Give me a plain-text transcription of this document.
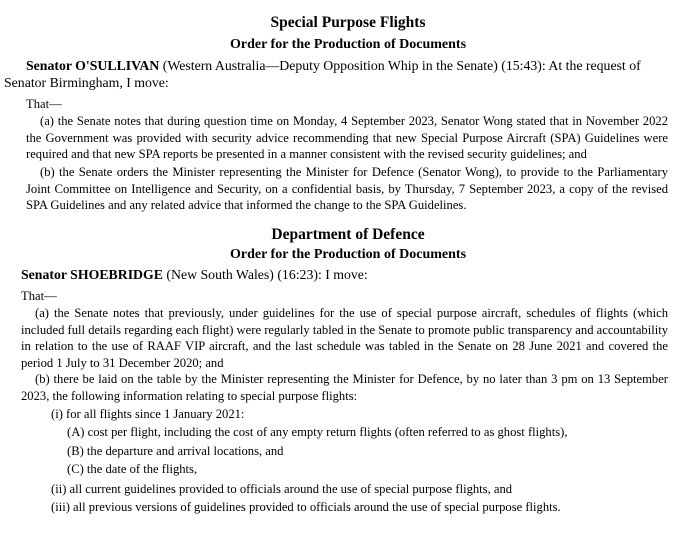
Special Purpose Flights
Order for the Production of Documents
Senator O'SULLIVAN (Western Australia—Deputy Opposition Whip in the Senate) (15:43): At the request of
Senator Birmingham, I move:
That—
(a) the Senate notes that during question time on Monday, 4 September 2023, Senator Wong stated that in November 2022 the Government was provided with security advice recommending that new Special Purpose Aircraft (SPA) Guidelines were required and that new SPA reports be presented in a manner consistent with the revised security guidelines; and
(b) the Senate orders the Minister representing the Minister for Defence (Senator Wong), to provide to the Parliamentary Joint Committee on Intelligence and Security, on a confidential basis, by Thursday, 7 September 2023, a copy of the revised SPA Guidelines and any related advice that informed the change to the SPA Guidelines.
Department of Defence
Order for the Production of Documents
Senator SHOEBRIDGE (New South Wales) (16:23): I move:
That—
(a) the Senate notes that previously, under guidelines for the use of special purpose aircraft, schedules of flights (which included full details regarding each flight) were regularly tabled in the Senate to promote public transparency and accountability in relation to the use of RAAF VIP aircraft, and the last schedule was tabled in the Senate on 28 June 2021 and covered the period 1 July to 31 December 2020; and
(b) there be laid on the table by the Minister representing the Minister for Defence, by no later than 3 pm on 13 September 2023, the following information relating to special purpose flights:
(i) for all flights since 1 January 2021:
(A) cost per flight, including the cost of any empty return flights (often referred to as ghost flights),
(B) the departure and arrival locations, and
(C) the date of the flights,
(ii) all current guidelines provided to officials around the use of special purpose flights, and
(iii) all previous versions of guidelines provided to officials around the use of special purpose flights.
